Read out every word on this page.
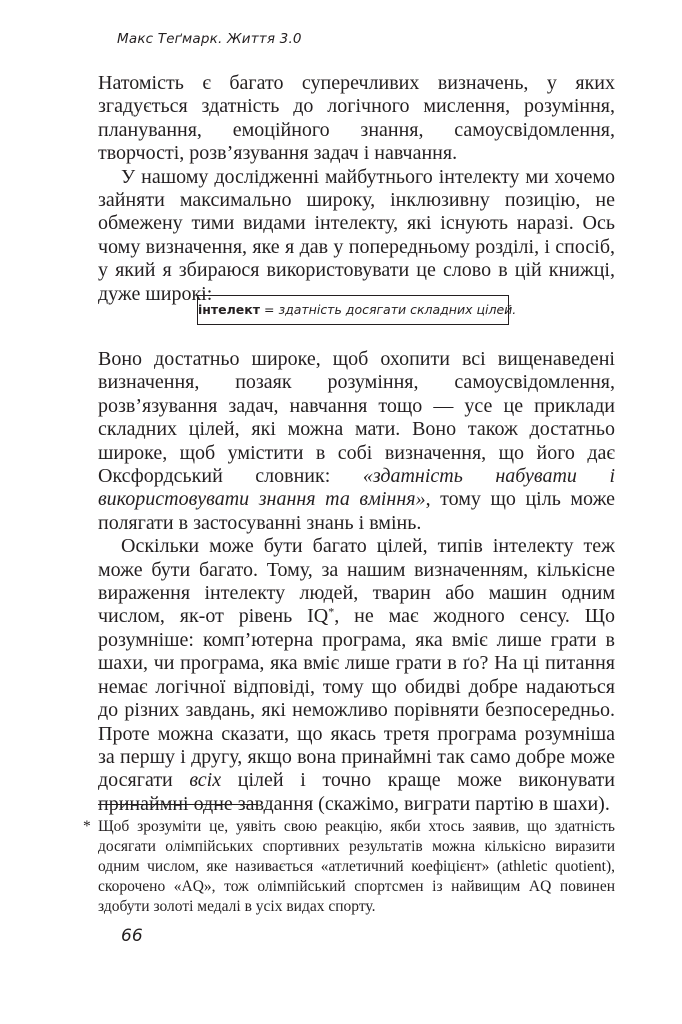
Макс Теґмарк. Життя 3.0

Натомість є багато суперечливих визначень, у яких згадується здатність до логічного мислення, розуміння, планування, емоційного знання, самоусвідомлення, творчості, розв’язування задач і навчання.

У нашому дослідженні майбутнього інтелекту ми хочемо зайняти максимально широку, інклюзивну позицію, не обмежену тими видами інтелекту, які існують наразі. Ось чому визначення, яке я дав у попередньому розділі, і спосіб, у який я збираюся використовувати це слово в цій книжці, дуже широкі:

інтелект = здатність досягати складних цілей.

Воно достатньо широке, щоб охопити всі вищенаведені визначення, позаяк розуміння, самоусвідомлення, розв’язування задач, навчання тощо — усе це приклади складних цілей, які можна мати. Воно також достатньо широке, щоб умістити в собі визначення, що його дає Оксфордський словник: «здатність набувати і використовувати знання та вміння», тому що ціль може полягати в застосуванні знань і вмінь.

Оскільки може бути багато цілей, типів інтелекту теж може бути багато. Тому, за нашим визначенням, кількісне вираження інтелекту людей, тварин або машин одним числом, як-от рівень IQ*, не має жодного сенсу. Що розумніше: комп’ютерна програма, яка вміє лише грати в шахи, чи програма, яка вміє лише грати в ґо? На ці питання немає логічної відповіді, тому що обидві добре надаються до різних завдань, які неможливо порівняти безпосередньо. Проте можна сказати, що якась третя програма розумніша за першу і другу, якщо вона принаймні так само добре може досягати всіх цілей і точно краще може виконувати принаймні одне завдання (скажімо, виграти партію в шахи).

* Щоб зрозуміти це, уявіть свою реакцію, якби хтось заявив, що здатність досягати олімпійських спортивних результатів можна кількісно виразити одним числом, яке називається «атлетичний коефіцієнт» (athletic quotient), скорочено «AQ», тож олімпійський спортсмен із найвищим AQ повинен здобути золоті медалі в усіх видах спорту.
66
